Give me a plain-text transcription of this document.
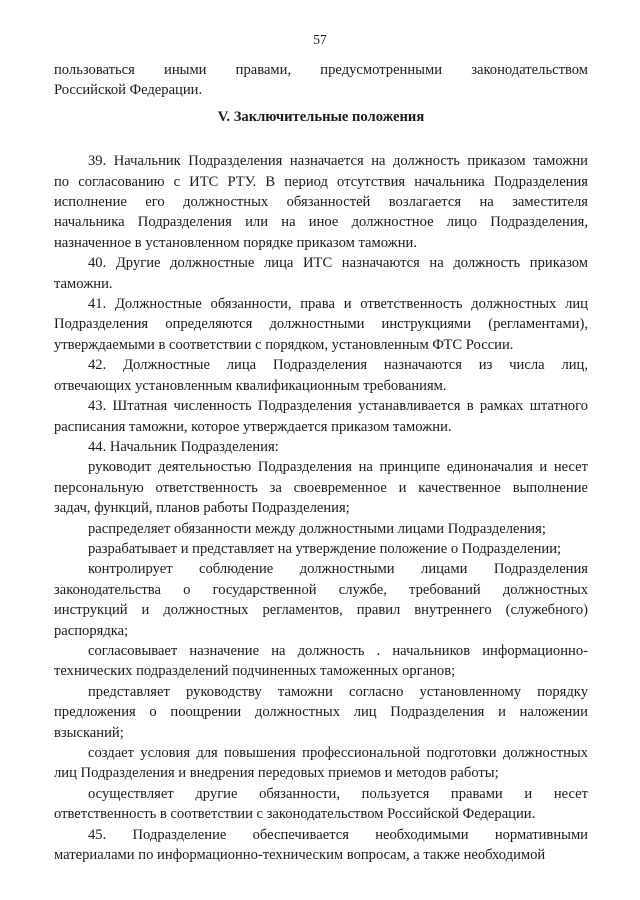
57

пользоваться иными правами, предусмотренными законодательством
Российской Федерации.

V. Заключительные положения

39. Начальник Подразделения назначается на должность приказом таможни
по согласованию с ИТС РТУ. В период отсутствия начальника Подразделения
исполнение его должностных обязанностей возлагается на заместителя
начальника Подразделения или на иное должностное лицо Подразделения,
назначенное в установленном порядке приказом таможни.

40. Другие должностные лица ИТС назначаются на должность приказом
таможни.

41. Должностные обязанности, права и ответственность должностных лиц
Подразделения определяются должностными инструкциями (регламентами),
утверждаемыми в соответствии с порядком, установленным ФТС России.

42. Должностные лица Подразделения назначаются из числа лиц,
отвечающих установленным квалификационным требованиям.

43. Штатная численность Подразделения устанавливается в рамках штатного
расписания таможни, которое утверждается приказом таможни.

44. Начальник Подразделения:

руководит деятельностью Подразделения на принципе единоначалия и несет
персональную ответственность за своевременное и качественное выполнение
задач, функций, планов работы Подразделения;

распределяет обязанности между должностными лицами Подразделения;

разрабатывает и представляет на утверждение положение о Подразделении;

контролирует соблюдение должностными лицами Подразделения
законодательства о государственной службе, требований должностных
инструкций и должностных регламентов, правил внутреннего (служебного)
распорядка;

согласовывает назначение на должность . начальников информационно-
технических подразделений подчиненных таможенных органов;

представляет руководству таможни согласно установленному порядку
предложения о поощрении должностных лиц Подразделения и наложении
взысканий;

создает условия для повышения профессиональной подготовки должностных
лиц Подразделения и внедрения передовых приемов и методов работы;

осуществляет другие обязанности, пользуется правами и несет
ответственность в соответствии с законодательством Российской Федерации.

45. Подразделение обеспечивается необходимыми нормативными
материалами по информационно-техническим вопросам, а также необходимой
